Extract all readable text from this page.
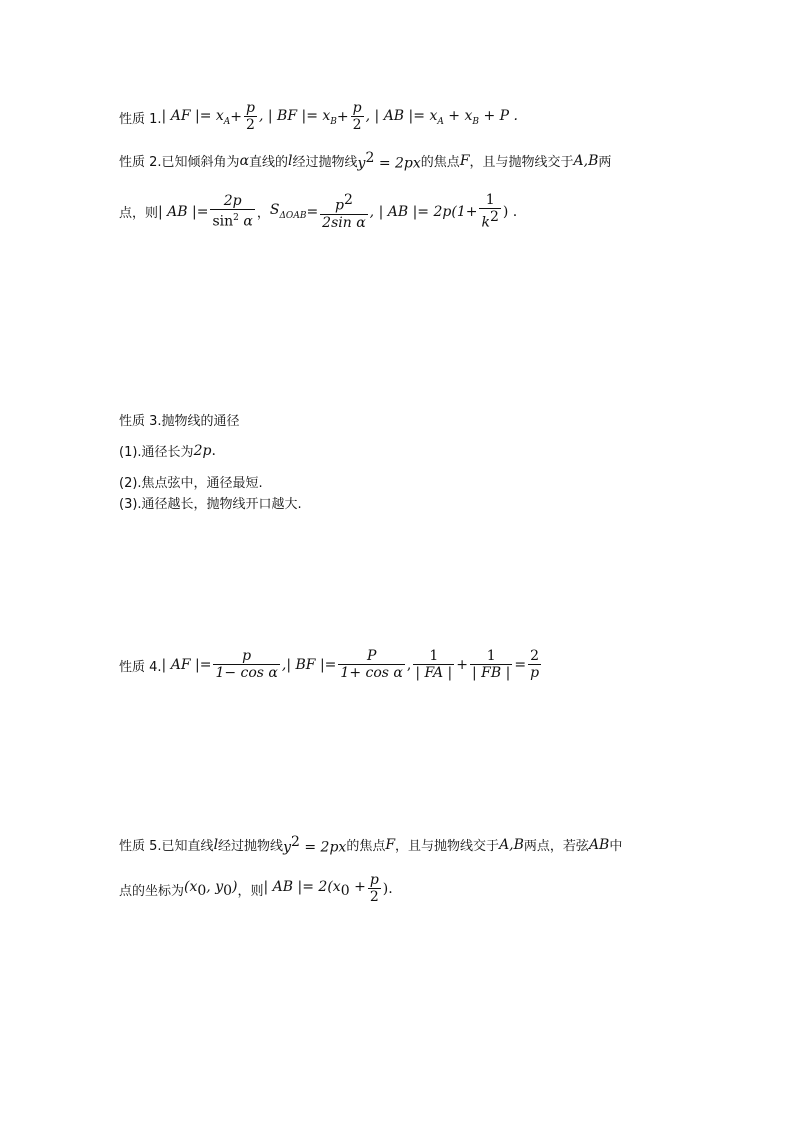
性质 1. | AF |= $x_A + \frac{p}{2}$ , | BF |= $x_B + \frac{p}{2}$ , | AB |= $x_A + x_B + P$ .
性质 2. 已知倾斜角为 α 直线的 l 经过抛物线 $y^2 = 2px$ 的焦点 F ，且与抛物线交于 A,B 两
点，则 | AB |= $\frac{2p}{\sin^2 \alpha}$ ， $S_{\Delta OAB} = \frac{p^2}{\text{2sin α}}$ , | AB |= $2p(1+ \frac{1}{k^2}$ ) .
性质 3.抛物线的通径
(1).通径长为 2p .
(2).焦点弦中，通径最短.
(3).通径越长，抛物线开口越大.
性质 4. | AF |= $\frac{p}{\text{1− cos α}}$ ,| BF |= $\frac{P}{\text{1+ cos α}}$ , $\frac{1}{| FA |} + \frac{1}{| FB |} = \frac{2}{p}$
性质 5. 已知直线 l 经过抛物线 $y^2 = 2px$ 的焦点 F ，且与抛物线交于 A,B 两点，若弦 AB 中
点的坐标为 ($x_0$, $y_0$) ，则 | AB |= $2(x_0 + \frac{p}{2}$ ).
